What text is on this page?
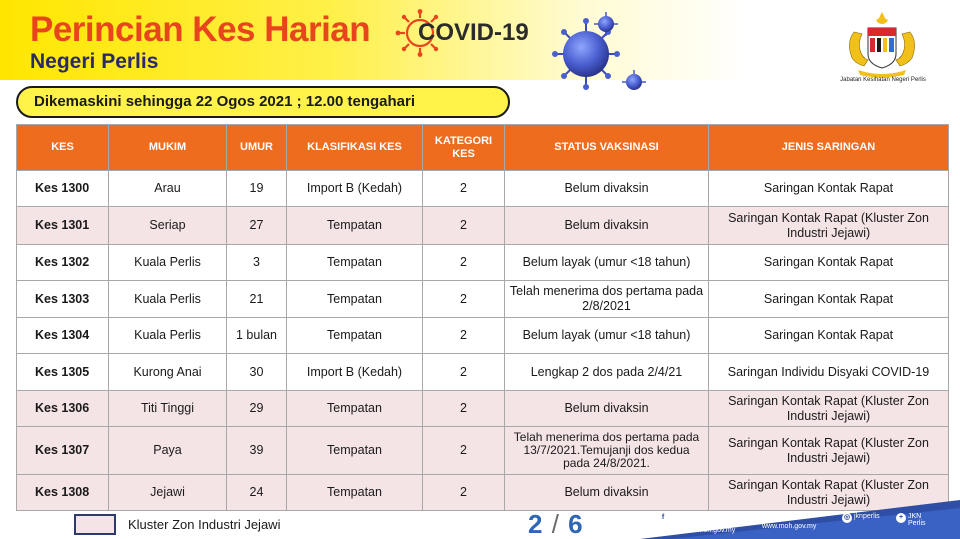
Perincian Kes Harian COVID-19
Negeri Perlis
Jabatan Kesihatan Negeri Perlis
Dikemaskini sehingga 22 Ogos 2021 ; 12.00 tengahari
KES	MUKIM	UMUR	KLASIFIKASI KES	KATEGORI KES	STATUS VAKSINASI	JENIS SARINGAN
Kes 1300	Arau	19	Import B (Kedah)	2	Belum divaksin	Saringan Kontak Rapat
Kes 1301	Seriap	27	Tempatan	2	Belum divaksin	Saringan Kontak Rapat (Kluster Zon Industri Jejawi)
Kes 1302	Kuala Perlis	3	Tempatan	2	Belum layak (umur <18 tahun)	Saringan Kontak Rapat
Kes 1303	Kuala Perlis	21	Tempatan	2	Telah menerima dos pertama pada 2/8/2021	Saringan Kontak Rapat
Kes 1304	Kuala Perlis	1 bulan	Tempatan	2	Belum layak (umur <18 tahun)	Saringan Kontak Rapat
Kes 1305	Kurong Anai	30	Import B (Kedah)	2	Lengkap 2 dos pada 2/4/21	Saringan Individu Disyaki COVID-19
Kes 1306	Titi Tinggi	29	Tempatan	2	Belum divaksin	Saringan Kontak Rapat (Kluster Zon Industri Jejawi)
Kes 1307	Paya	39	Tempatan	2	Telah menerima dos pertama pada 13/7/2021.Temujanji dos kedua pada 24/8/2021.	Saringan Kontak Rapat (Kluster Zon Industri Jejawi)
Kes 1308	Jejawi	24	Tempatan	2	Belum divaksin	Saringan Kontak Rapat (Kluster Zon Industri Jejawi)
Kluster Zon Industri Jejawi	2 / 6	f Jabatan Kesihatan Negeri Perlis @jknperlis
jknperlis.moh.gov.my
www.moh.gov.my
◎ jknperlis	+ JKN Perlis
